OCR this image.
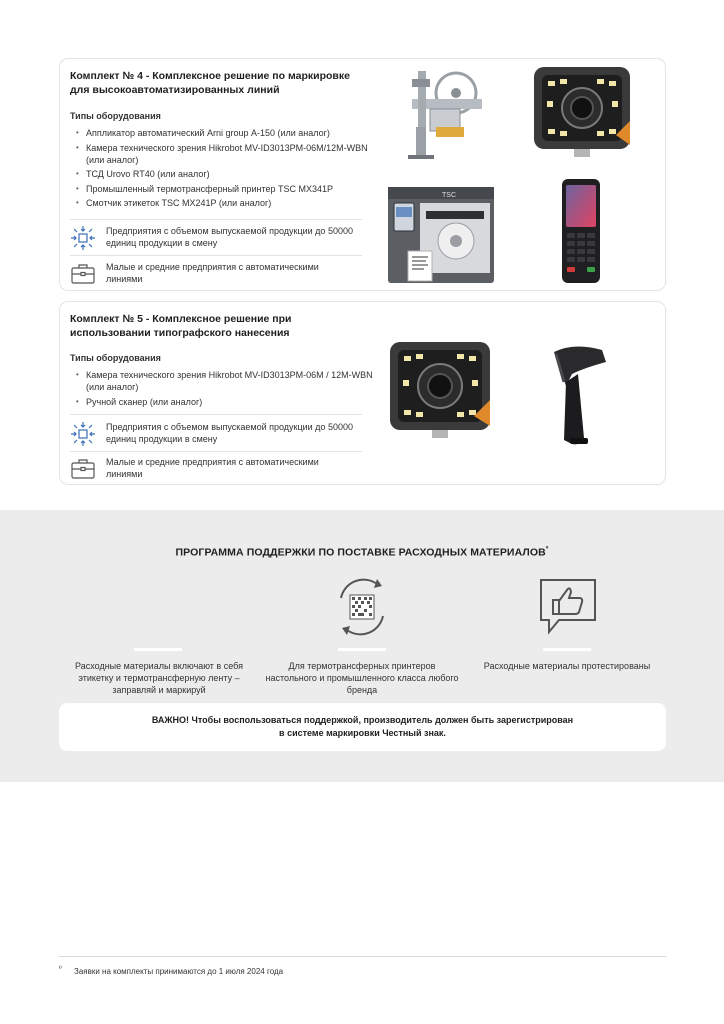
Комплект № 4 - Комплексное решение по маркировке для высокоавтоматизированных линий
Типы оборудования
• Аппликатор автоматический Arni group А-150 (или аналог)
• Камера технического зрения Hikrobot MV-ID3013PM-06M/12M-WBN (или аналог)
• ТСД Urovo RT40 (или аналог)
• Промышленный термотрансферный принтер TSC MX341P
• Смотчик этикеток TSC MX241P (или аналог)
Предприятия с объемом выпускаемой продукции до 50000 единиц продукции в смену
Малые и средние предприятия с автоматическими линиями
TSC
Комплект № 5 - Комплексное решение при использовании типографского нанесения
Типы оборудования
• Камера технического зрения Hikrobot MV-ID3013PM-06M / 12M-WBN (или аналог)
• Ручной сканер (или аналог)
Предприятия с объемом выпускаемой продукции до 50000 единиц продукции в смену
Малые и средние предприятия с автоматическими линиями
ПРОГРАММА ПОДДЕРЖКИ ПО ПОСТАВКЕ РАСХОДНЫХ $МАТЕРИАЛОВ^º$
Расходные материалы включают в себя этикетку и термотрансферную ленту – заправляй и маркируй
Для термотрансферных принтеров настольного и промышленного класса любого бренда
Расходные материалы протестированы
ВАЖНО! Чтобы воспользоваться поддержкой, производитель должен быть зарегистрирован
в системе маркировки Честный знак.
º Заявки на комплекты принимаются до 1 июля 2024 года
